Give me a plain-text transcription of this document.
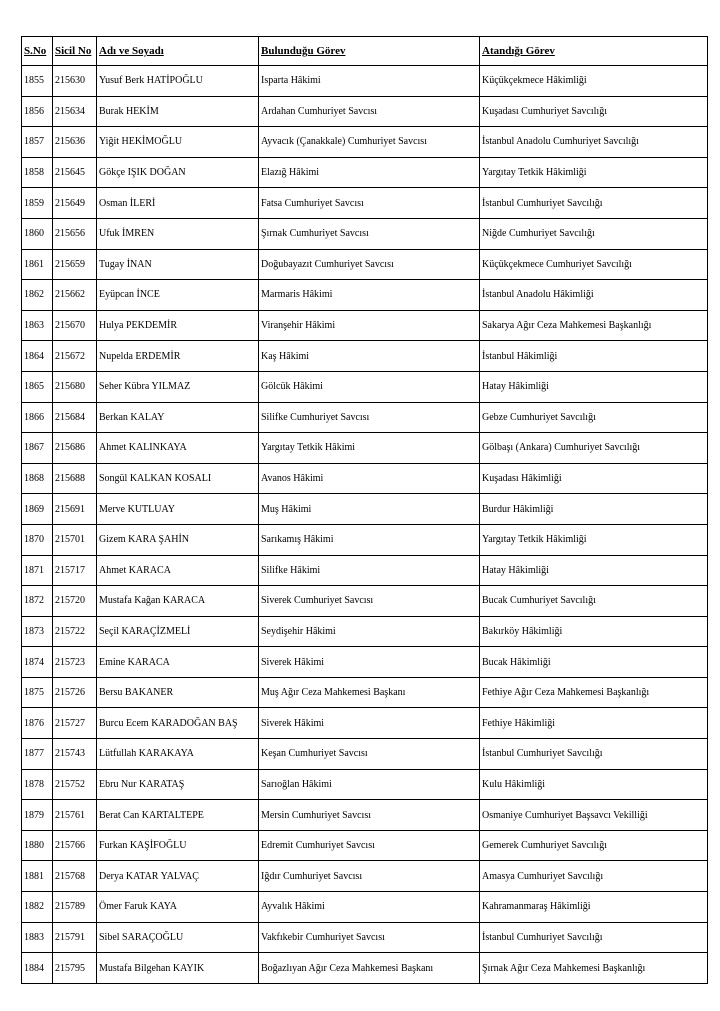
S.No	Sicil No	Adı ve Soyadı	Bulunduğu Görev	Atandığı Görev
1855	215630	Yusuf Berk HATİPOĞLU	Isparta Hâkimi	Küçükçekmece Hâkimliği
1856	215634	Burak HEKİM	Ardahan Cumhuriyet Savcısı	Kuşadası Cumhuriyet Savcılığı
1857	215636	Yiğit HEKİMOĞLU	Ayvacık (Çanakkale) Cumhuriyet Savcısı	İstanbul Anadolu Cumhuriyet Savcılığı
1858	215645	Gökçe IŞIK DOĞAN	Elazığ Hâkimi	Yargıtay Tetkik Hâkimliği
1859	215649	Osman İLERİ	Fatsa Cumhuriyet Savcısı	İstanbul Cumhuriyet Savcılığı
1860	215656	Ufuk İMREN	Şırnak Cumhuriyet Savcısı	Niğde Cumhuriyet Savcılığı
1861	215659	Tugay İNAN	Doğubayazıt Cumhuriyet Savcısı	Küçükçekmece Cumhuriyet Savcılığı
1862	215662	Eyüpcan İNCE	Marmaris Hâkimi	İstanbul Anadolu Hâkimliği
1863	215670	Hulya PEKDEMİR	Viranşehir Hâkimi	Sakarya Ağır Ceza Mahkemesi Başkanlığı
1864	215672	Nupelda ERDEMİR	Kaş Hâkimi	İstanbul Hâkimliği
1865	215680	Seher Kübra YILMAZ	Gölcük Hâkimi	Hatay Hâkimliği
1866	215684	Berkan KALAY	Silifke Cumhuriyet Savcısı	Gebze Cumhuriyet Savcılığı
1867	215686	Ahmet KALINKAYA	Yargıtay Tetkik Hâkimi	Gölbaşı (Ankara) Cumhuriyet Savcılığı
1868	215688	Songül KALKAN KOSALI	Avanos Hâkimi	Kuşadası Hâkimliği
1869	215691	Merve KUTLUAY	Muş Hâkimi	Burdur Hâkimliği
1870	215701	Gizem KARA ŞAHİN	Sarıkamış Hâkimi	Yargıtay Tetkik Hâkimliği
1871	215717	Ahmet KARACA	Silifke Hâkimi	Hatay Hâkimliği
1872	215720	Mustafa Kağan KARACA	Siverek Cumhuriyet Savcısı	Bucak Cumhuriyet Savcılığı
1873	215722	Seçil KARAÇİZMELİ	Seydişehir Hâkimi	Bakırköy Hâkimliği
1874	215723	Emine KARACA	Siverek Hâkimi	Bucak Hâkimliği
1875	215726	Bersu BAKANER	Muş Ağır Ceza Mahkemesi Başkanı	Fethiye Ağır Ceza Mahkemesi Başkanlığı
1876	215727	Burcu Ecem KARADOĞAN BAŞ	Siverek Hâkimi	Fethiye Hâkimliği
1877	215743	Lütfullah KARAKAYA	Keşan Cumhuriyet Savcısı	İstanbul Cumhuriyet Savcılığı
1878	215752	Ebru Nur KARATAŞ	Sarıoğlan Hâkimi	Kulu Hâkimliği
1879	215761	Berat Can KARTALTEPE	Mersin Cumhuriyet Savcısı	Osmaniye Cumhuriyet Başsavcı Vekilliği
1880	215766	Furkan KAŞİFOĞLU	Edremit Cumhuriyet Savcısı	Gemerek Cumhuriyet Savcılığı
1881	215768	Derya KATAR YALVAÇ	Iğdır Cumhuriyet Savcısı	Amasya Cumhuriyet Savcılığı
1882	215789	Ömer Faruk KAYA	Ayvalık Hâkimi	Kahramanmaraş Hâkimliği
1883	215791	Sibel SARAÇOĞLU	Vakfıkebir Cumhuriyet Savcısı	İstanbul Cumhuriyet Savcılığı
1884	215795	Mustafa Bilgehan KAYIK	Boğazlıyan Ağır Ceza Mahkemesi Başkanı	Şırnak Ağır Ceza Mahkemesi Başkanlığı
